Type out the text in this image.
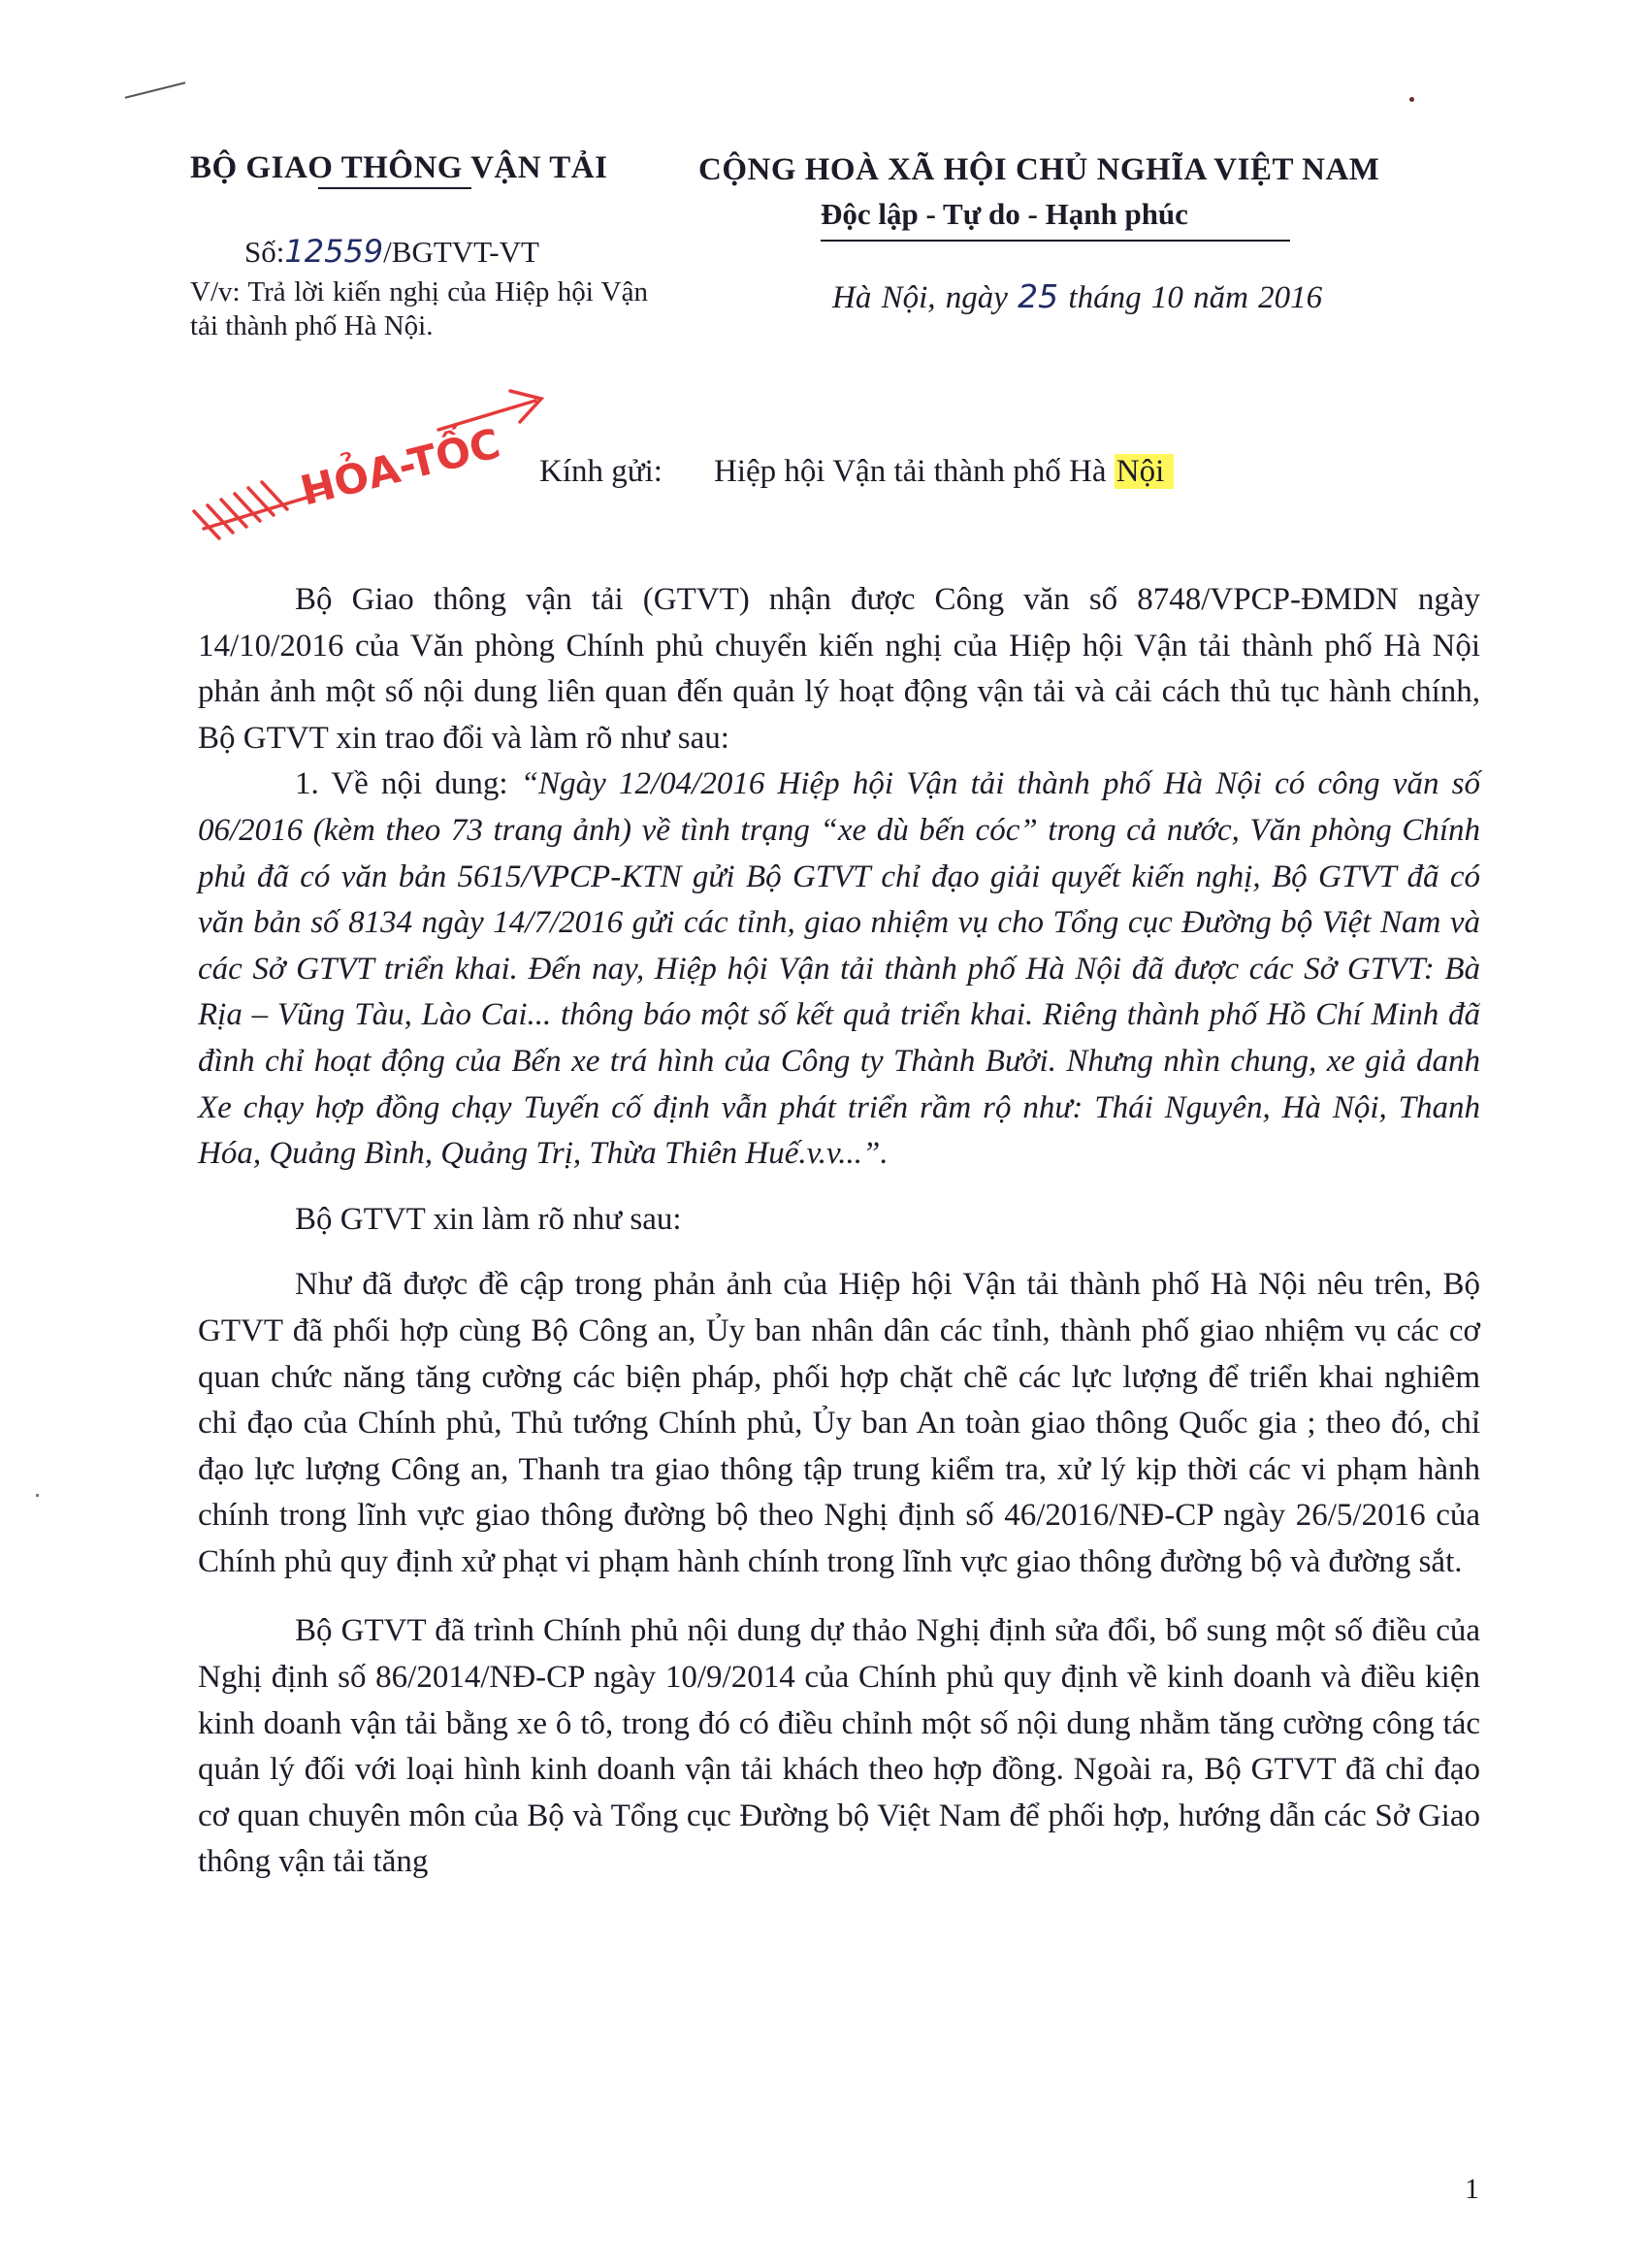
BỘ GIAO THÔNG VẬN TẢI
Số:12559/BGTVT-VT
V/v: Trả lời kiến nghị của Hiệp hội Vận tải thành phố Hà Nội.
CỘNG HOÀ XÃ HỘI CHỦ NGHĨA VIỆT NAM
Độc lập - Tự do - Hạnh phúc
Hà Nội, ngày 25 tháng 10 năm 2016
HỎA-TỐC Kính gửi: Hiệp hội Vận tải thành phố Hà Nội

Bộ Giao thông vận tải (GTVT) nhận được Công văn số 8748/VPCP-ĐMDN ngày 14/10/2016 của Văn phòng Chính phủ chuyển kiến nghị của Hiệp hội Vận tải thành phố Hà Nội phản ảnh một số nội dung liên quan đến quản lý hoạt động vận tải và cải cách thủ tục hành chính, Bộ GTVT xin trao đổi và làm rõ như sau:

1. Về nội dung: “Ngày 12/04/2016 Hiệp hội Vận tải thành phố Hà Nội có công văn số 06/2016 (kèm theo 73 trang ảnh) về tình trạng “xe dù bến cóc” trong cả nước, Văn phòng Chính phủ đã có văn bản 5615/VPCP-KTN gửi Bộ GTVT chỉ đạo giải quyết kiến nghị, Bộ GTVT đã có văn bản số 8134 ngày 14/7/2016 gửi các tỉnh, giao nhiệm vụ cho Tổng cục Đường bộ Việt Nam và các Sở GTVT triển khai. Đến nay, Hiệp hội Vận tải thành phố Hà Nội đã được các Sở GTVT: Bà Rịa – Vũng Tàu, Lào Cai... thông báo một số kết quả triển khai. Riêng thành phố Hồ Chí Minh đã đình chỉ hoạt động của Bến xe trá hình của Công ty Thành Bưởi. Nhưng nhìn chung, xe giả danh Xe chạy hợp đồng chạy Tuyến cố định vẫn phát triển rầm rộ như: Thái Nguyên, Hà Nội, Thanh Hóa, Quảng Bình, Quảng Trị, Thừa Thiên Huế.v.v...”.

Bộ GTVT xin làm rõ như sau:

Như đã được đề cập trong phản ảnh của Hiệp hội Vận tải thành phố Hà Nội nêu trên, Bộ GTVT đã phối hợp cùng Bộ Công an, Ủy ban nhân dân các tỉnh, thành phố giao nhiệm vụ các cơ quan chức năng tăng cường các biện pháp, phối hợp chặt chẽ các lực lượng để triển khai nghiêm chỉ đạo của Chính phủ, Thủ tướng Chính phủ, Ủy ban An toàn giao thông Quốc gia ; theo đó, chỉ đạo lực lượng Công an, Thanh tra giao thông tập trung kiểm tra, xử lý kịp thời các vi phạm hành chính trong lĩnh vực giao thông đường bộ theo Nghị định số 46/2016/NĐ-CP ngày 26/5/2016 của Chính phủ quy định xử phạt vi phạm hành chính trong lĩnh vực giao thông đường bộ và đường sắt.

Bộ GTVT đã trình Chính phủ nội dung dự thảo Nghị định sửa đổi, bổ sung một số điều của Nghị định số 86/2014/NĐ-CP ngày 10/9/2014 của Chính phủ quy định về kinh doanh và điều kiện kinh doanh vận tải bằng xe ô tô, trong đó có điều chỉnh một số nội dung nhằm tăng cường công tác quản lý đối với loại hình kinh doanh vận tải khách theo hợp đồng. Ngoài ra, Bộ GTVT đã chỉ đạo cơ quan chuyên môn của Bộ và Tổng cục Đường bộ Việt Nam để phối hợp, hướng dẫn các Sở Giao thông vận tải tăng

1
